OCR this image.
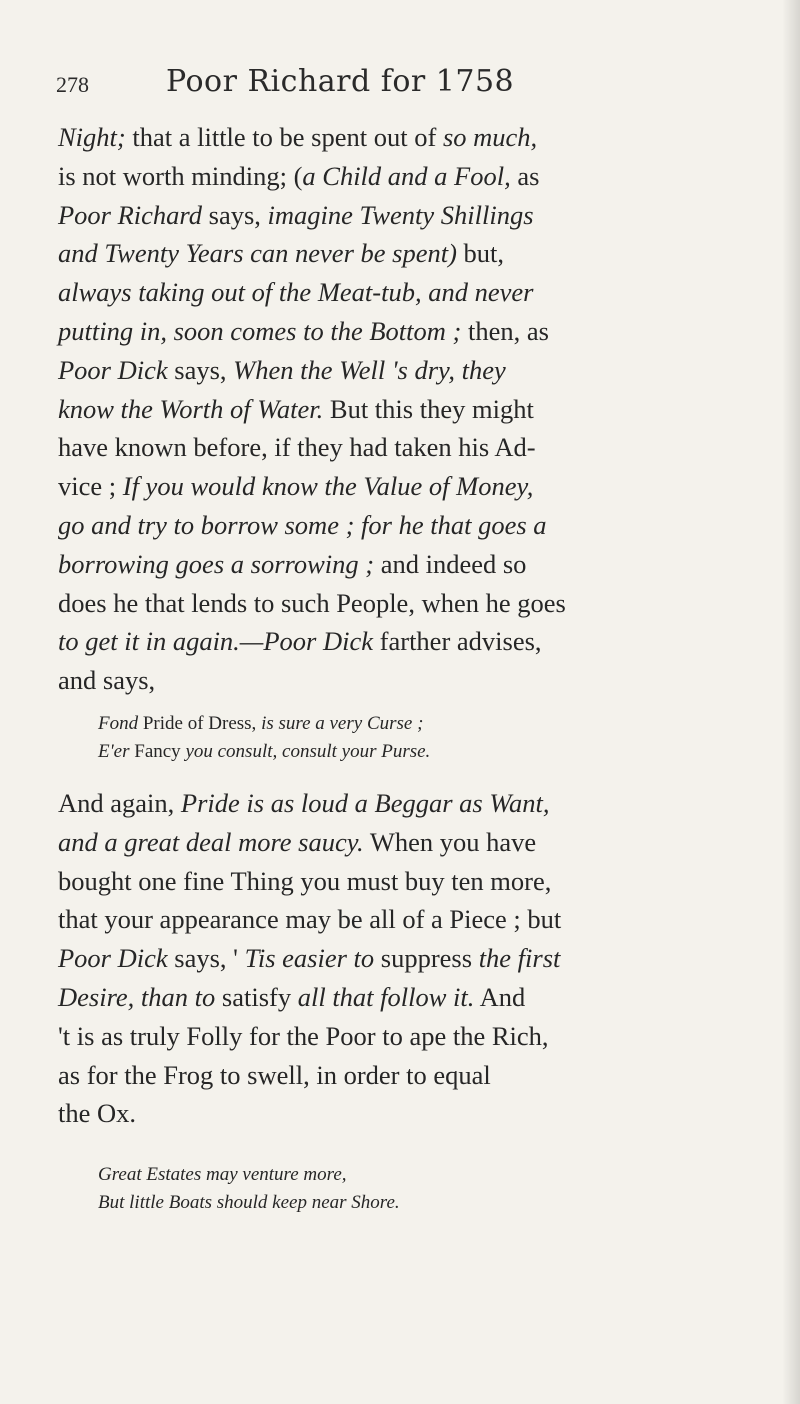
278	Poor Richard for 1758
Night; that a little to be spent out of so much,
is not worth minding; (a Child and a Fool, as
Poor Richard says, imagine Twenty Shillings
and Twenty Years can never be spent) but,
always taking out of the Meat-tub, and never
putting in, soon comes to the Bottom ; then, as
Poor Dick says, When the Well 's dry, they
know the Worth of Water. But this they might
have known before, if they had taken his Ad-
vice ; If you would know the Value of Money,
go and try to borrow some ; for he that goes a
borrowing goes a sorrowing ; and indeed so
does he that lends to such People, when he goes
to get it in again.—Poor Dick farther advises,
and says,
Fond Pride of Dress, is sure a very Curse ;
E'er Fancy you consult, consult your Purse.
And again, Pride is as loud a Beggar as Want,
and a great deal more saucy. When you have
bought one fine Thing you must buy ten more,
that your appearance may be all of a Piece ; but
Poor Dick says, ' Tis easier to suppress the first
Desire, than to satisfy all that follow it. And
't is as truly Folly for the Poor to ape the Rich,
as for the Frog to swell, in order to equal
the Ox.
Great Estates may venture more,
But little Boats should keep near Shore.
